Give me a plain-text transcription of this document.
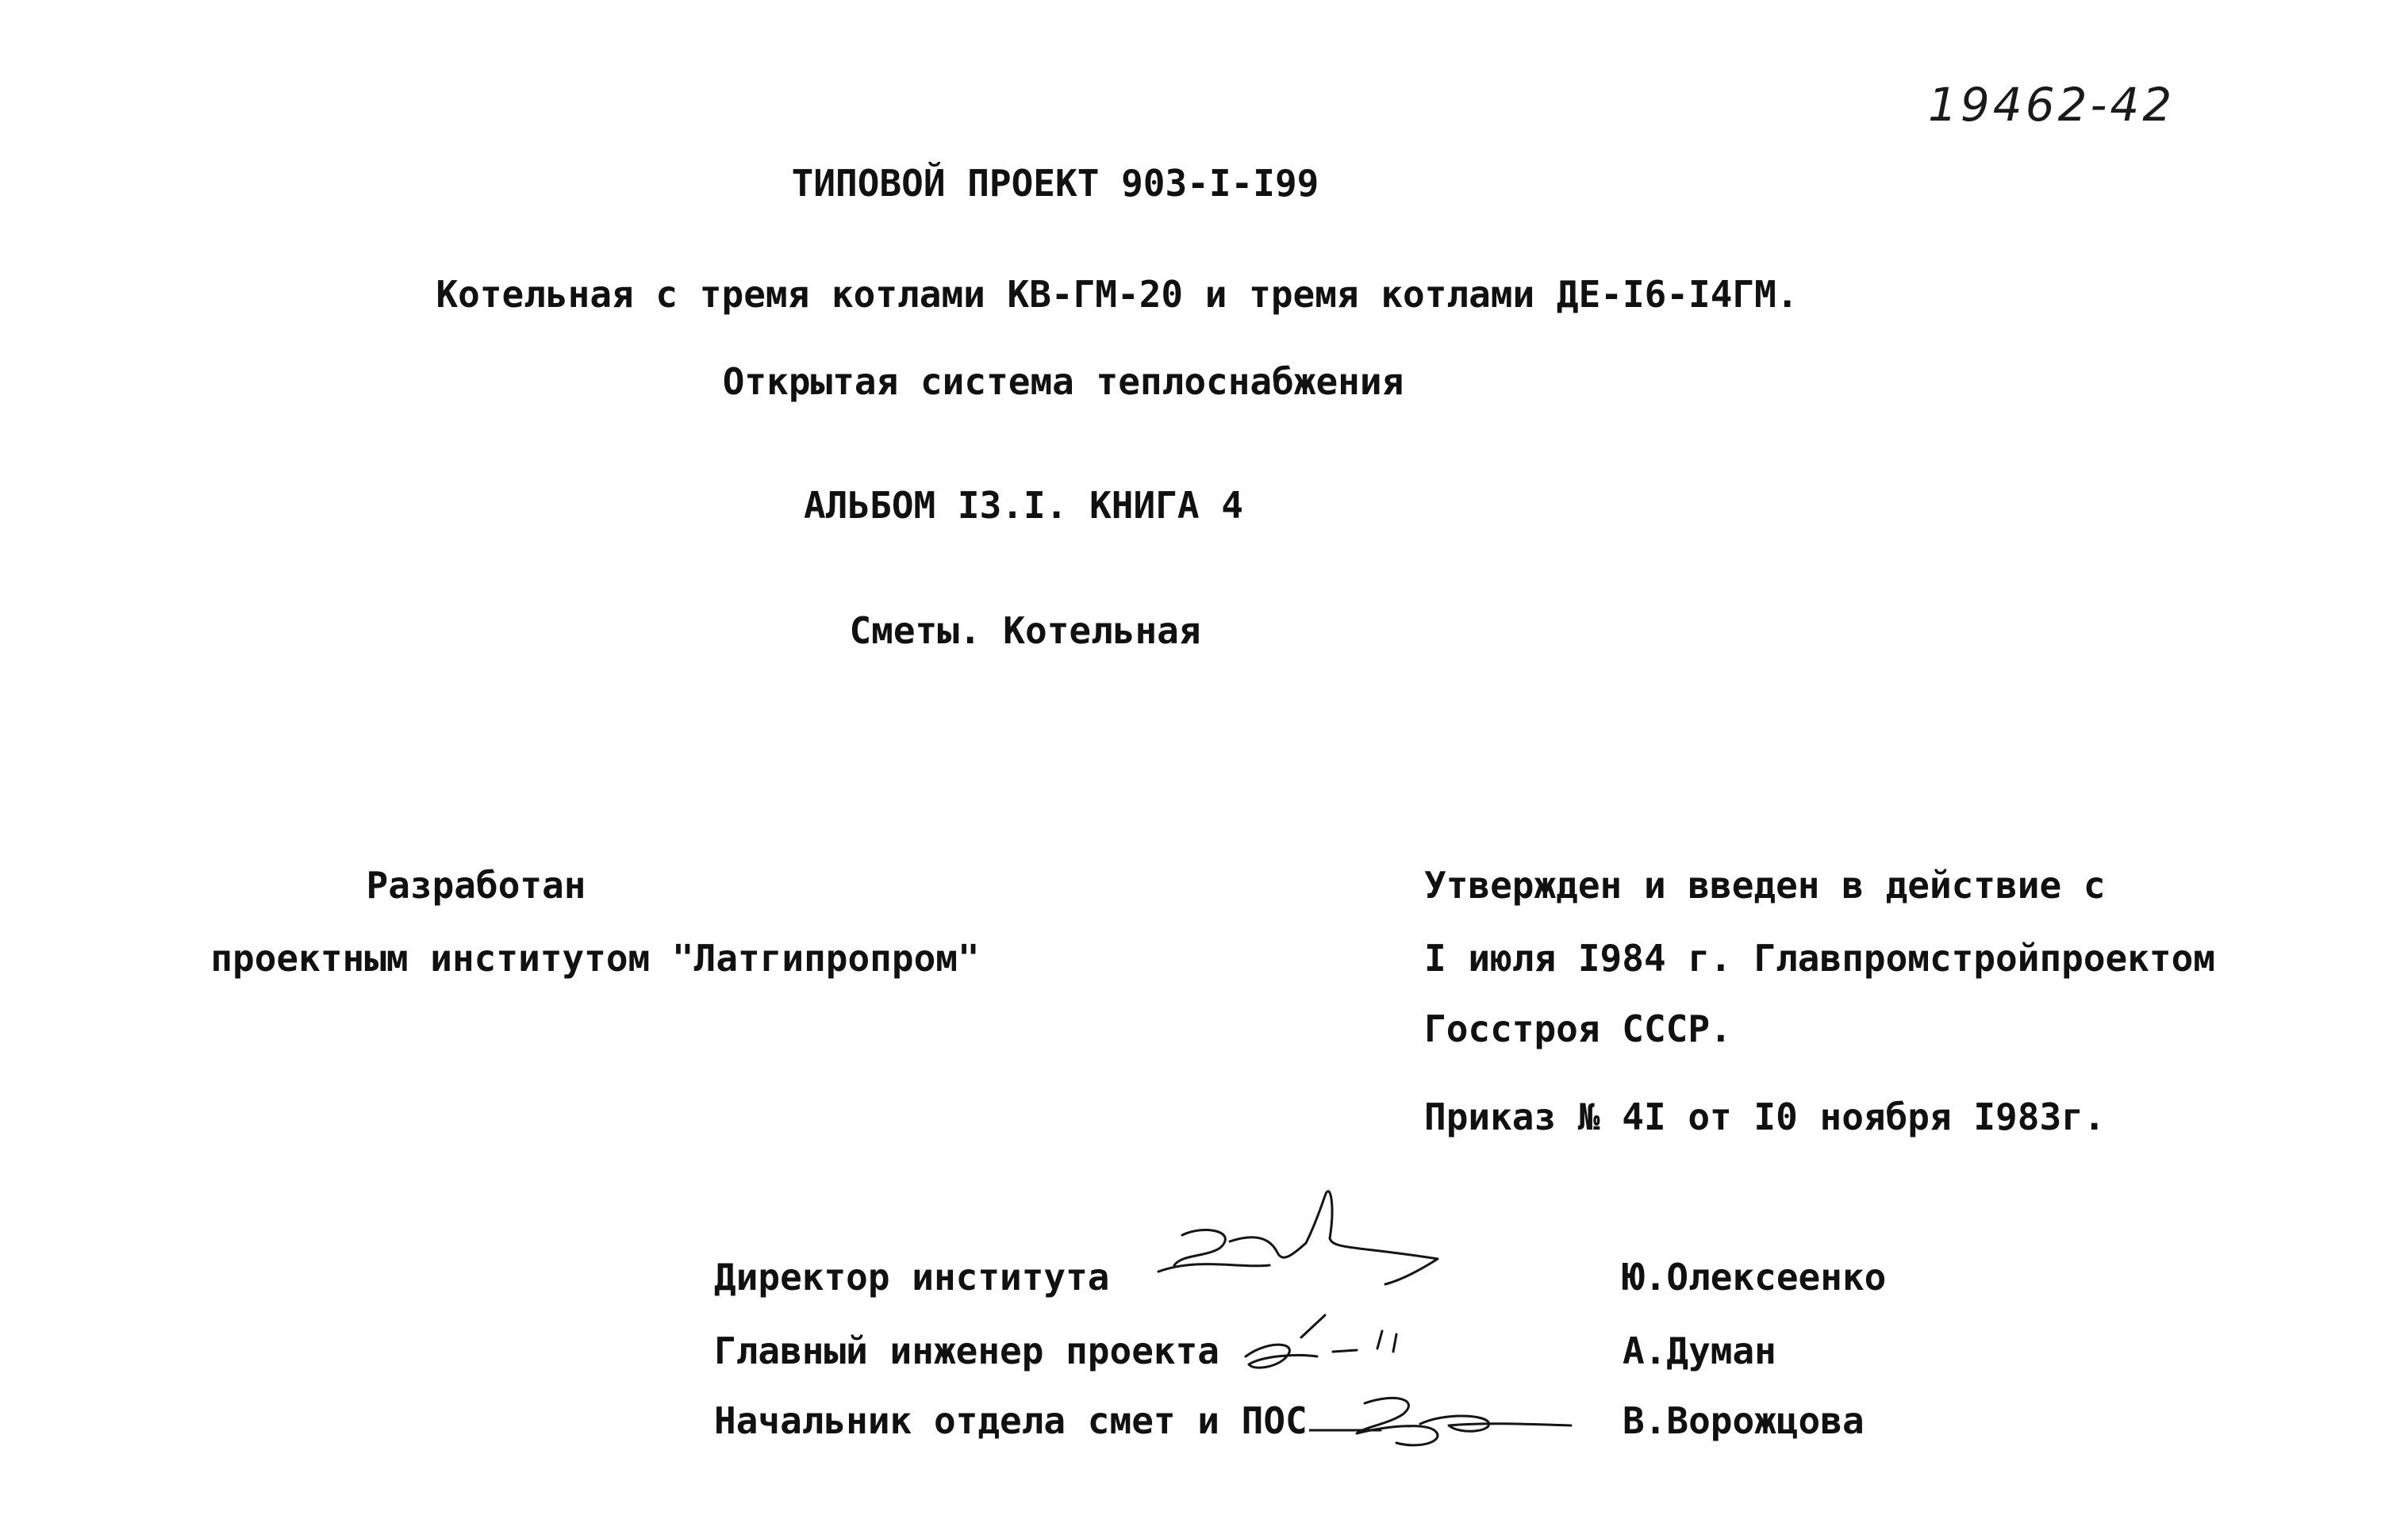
19462-42
ТИПОВОЙ ПРОЕКТ 903-I-I99
Котельная с тремя котлами КВ-ГМ-20 и тремя котлами ДЕ-I6-I4ГМ.
Открытая система теплоснабжения
АЛЬБОМ I3.I. КНИГА 4
Сметы. Котельная
Разработан
проектным институтом "Латгипропром"
Утвержден и введен в действие с
I июля I984 г. Главпромстройпроектом
Госстроя СССР.
Приказ № 4I от I0 ноября I983г.
Директор института	Ю.Олексеенко
Главный инженер проекта	А.Думан
Начальник отдела смет и ПОС	В.Ворожцова
